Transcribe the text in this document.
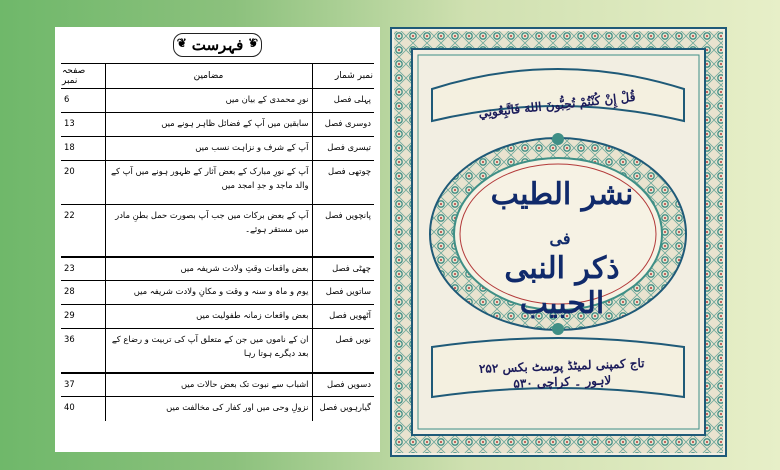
❦ فہرست ❦
نمبر شمار	مضامین	صفحہ نمبر
پہلی فصل	نورِ محمدی کے بیان میں	6
دوسری فصل	سابقین میں آپ کے فضائل ظاہر ہونے میں	13
تیسری فصل	آپ کے شرف و نزاہت نسب میں	18
چوتھی فصل	آپ کے نورِ مبارک کے بعض آثار کے ظہور ہونے میں آپ کے والد ماجد و جدِ امجد میں	20
پانچویں فصل	آپ کے بعض برکات میں جب آپ بصورت حمل بطنِ مادر میں مستقر ہوئے۔	22
چھٹی فصل	بعض واقعات وقتِ ولادت شریفہ میں	23
ساتویں فصل	یوم و ماہ و سنہ و وقت و مکانِ ولادت شریفہ میں	28
آٹھویں فصل	بعض واقعات زمانہ طفولیت میں	29
نویں فصل	ان کے ناموں میں جن کے متعلق آپ کی تربیت و رضاع کے بعد دیگرے ہوتا رہا	36
دسویں فصل	اشباب سے نبوت تک بعض حالات میں	37
گیارہویں فصل	نزولِ وحی میں اور کفار کی مخالفت میں	40
قُلْ إِنْ كُنْتُمْ تُحِبُّونَ اللهَ فَاتَّبِعُونِي
نشر الطیب
فی
ذکر النبی الحبیب
تاج کمپنی لمیٹڈ پوسٹ بکس ۲۵۲
لاہور ۔ کراچی ۵۳۰
